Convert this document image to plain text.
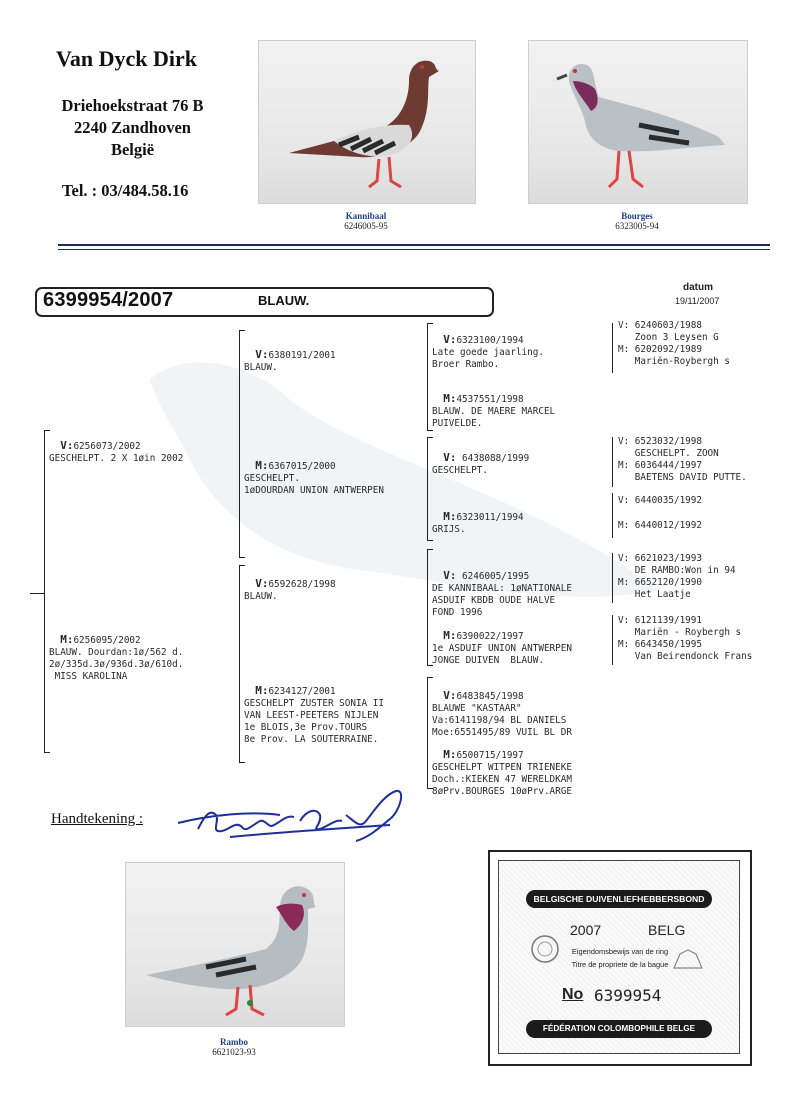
Van Dyck Dirk
Driehoekstraat 76 B
2240 Zandhoven
België
Tel. : 03/484.58.16
Kannibaal
6246005-95
Bourges
6323005-94
6399954/2007	BLAUW.
datum
19/11/2007

V:6256073/2002
GESCHELPT. 2 X 1øin 2002

M:6256095/2002
BLAUW. Dourdan:1ø/562 d.
2ø/335d.3ø/936d.3ø/610d.
MISS KAROLINA

V:6380191/2001
BLAUW.

M:6367015/2000
GESCHELPT.
1øDOURDAN UNION ANTWERPEN

V:6592628/1998
BLAUW.

M:6234127/2001
GESCHELPT ZUSTER SONIA II
VAN LEEST-PEETERS NIJLEN
1e BLOIS,3e Prov.TOURS
8e Prov. LA SOUTERRAINE.

V:6323100/1994
Late goede jaarling.
Broer Rambo.

M:4537551/1998
BLAUW. DE MAERE MARCEL
PUIVELDE.

V: 6438088/1999
GESCHELPT.

M:6323011/1994
GRIJS.

V: 6246005/1995
DE KANNIBAAL: 1øNATIONALE
ASDUIF KBDB OUDE HALVE
FOND 1996

M:6390022/1997
1e ASDUIF UNION ANTWERPEN
JONGE DUIVEN  BLAUW.

V:6483845/1998
BLAUWE "KASTAAR"
Va:6141198/94 BL DANIELS
Moe:6551495/89 VUIL BL DR

M:6500715/1997
GESCHELPT WITPEN TRIENEKE
Doch.:KIEKEN 47 WERELDKAM
8øPrv.BOURGES 10øPrv.ARGE

V: 6240603/1988
Zoon 3 Leysen G
M: 6202092/1989
Mariën-Roybergh s
V: 6523032/1998
GESCHELPT. ZOON
M: 6036444/1997
BAETENS DAVID PUTTE.
V: 6440035/1992
M: 6440012/1992
V: 6621023/1993
DE RAMBO:Won in 94
M: 6652120/1990
Het Laatje
V: 6121139/1991
Mariën - Roybergh s
M: 6643450/1995
Van Beirendonck Frans
Handtekening :
Rambo
6621023-93
BELGISCHE DUIVENLIEFHEBBERSBOND
2007	BELG
Eigendomsbewijs van de ring
Titre de propriete de la bague
No 6399954
FÉDÉRATION COLOMBOPHILE BELGE
